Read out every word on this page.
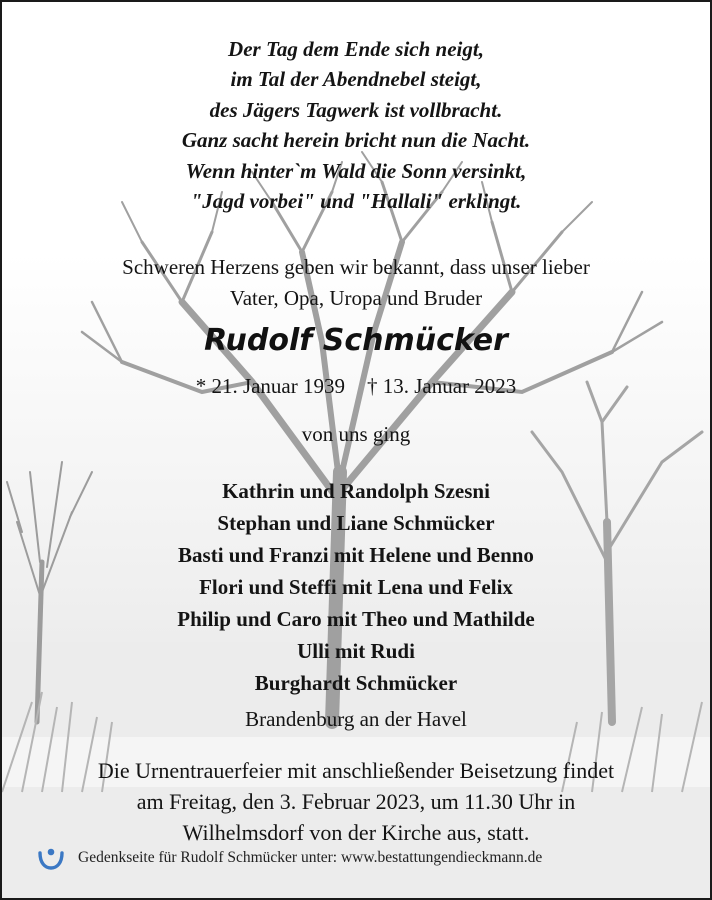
Der Tag dem Ende sich neigt,
im Tal der Abendnebel steigt,
des Jägers Tagwerk ist vollbracht.
Ganz sacht herein bricht nun die Nacht.
Wenn hinter`m Wald die Sonn versinkt,
"Jagd vorbei" und "Hallali" erklingt.
Schweren Herzens geben wir bekannt, dass unser lieber
Vater, Opa, Uropa und Bruder
Rudolf Schmücker
* 21. Januar 1939 † 13. Januar 2023
von uns ging
Kathrin und Randolph Szesni
Stephan und Liane Schmücker
Basti und Franzi mit Helene und Benno
Flori und Steffi mit Lena und Felix
Philip und Caro mit Theo und Mathilde
Ulli mit Rudi
Burghardt Schmücker
Brandenburg an der Havel
Die Urnentrauerfeier mit anschließender Beisetzung findet
am Freitag, den 3. Februar 2023, um 11.30 Uhr in
Wilhelmsdorf von der Kirche aus, statt.
Gedenkseite für Rudolf Schmücker unter: www.bestattungendieckmann.de
